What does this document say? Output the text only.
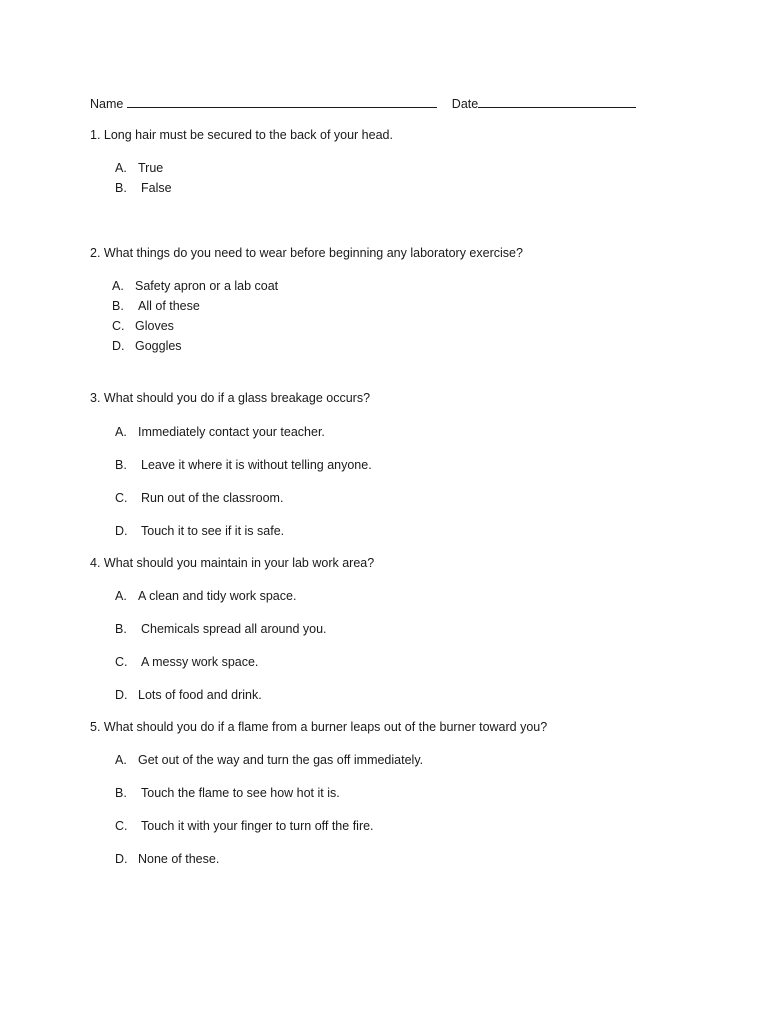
Name	Date
1. Long hair must be secured to the back of your head.
A. True
B. False
2. What things do you need to wear before beginning any laboratory exercise?
A. Safety apron or a lab coat
B. All of these
C. Gloves
D. Goggles
3. What should you do if a glass breakage occurs?
A. Immediately contact your teacher.
B. Leave it where it is without telling anyone.
C. Run out of the classroom.
D. Touch it to see if it is safe.
4. What should you maintain in your lab work area?
A. A clean and tidy work space.
B. Chemicals spread all around you.
C. A messy work space.
D. Lots of food and drink.
5. What should you do if a flame from a burner leaps out of the burner toward you?
A. Get out of the way and turn the gas off immediately.
B. Touch the flame to see how hot it is.
C. Touch it with your finger to turn off the fire.
D. None of these.
